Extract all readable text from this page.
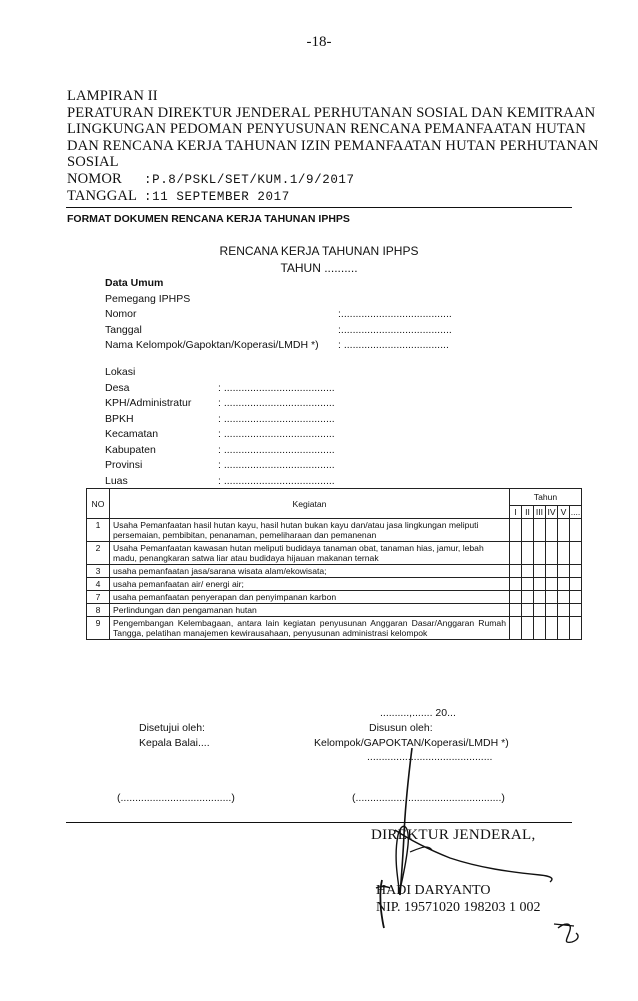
-18-
LAMPIRAN II
PERATURAN DIREKTUR JENDERAL PERHUTANAN SOSIAL DAN KEMITRAAN
LINGKUNGAN PEDOMAN PENYUSUNAN RENCANA PEMANFAATAN HUTAN
DAN RENCANA KERJA TAHUNAN IZIN PEMANFAATAN HUTAN PERHUTANAN
SOSIAL
NOMOR :P.8/PSKL/SET/KUM.1/9/2017
TANGGAL :11 SEPTEMBER 2017
FORMAT DOKUMEN RENCANA KERJA TAHUNAN IPHPS
RENCANA KERJA TAHUNAN IPHPS
TAHUN ..........
Data Umum
Pemegang IPHPS
Nomor	:......................................
Tanggal	:......................................
Nama Kelompok/Gapoktan/Koperasi/LMDH *) : ....................................
Lokasi
Desa	: ......................................
KPH/Administratur	: ......................................
BPKH	: ......................................
Kecamatan	: ......................................
Kabupaten	: ......................................
Provinsi	: ......................................
Luas	: ......................................
NO	Kegiatan	Tahun					
		I	II	III	IV	V	....
1	Usaha Pemanfaatan hasil hutan kayu, hasil hutan bukan kayu dan/atau jasa lingkungan meliputi persemaian, pembibitan, penanaman, pemeliharaan dan pemanenan						
2	Usaha Pemanfaatan kawasan hutan meliputi budidaya tanaman obat, tanaman hias, jamur, lebah madu, penangkaran satwa liar atau budidaya hijauan makanan ternak						
3	usaha pemanfaatan jasa/sarana wisata alam/ekowisata;						
4	usaha pemanfaatan air/ energi air;						
7	usaha pemanfaatan penyerapan dan penyimpanan karbon						
8	Perlindungan dan pengamanan hutan						
9	Pengembangan Kelembagaan, antara lain kegiatan penyusunan Anggaran Dasar/Anggaran Rumah Tangga, pelatihan manajemen kewirausahaan, penyusunan administrasi kelompok						
..........,....... 20...
Disetujui oleh:
Kepala Balai....
Disusun oleh:
Kelompok/GAPOKTAN/Koperasi/LMDH *)
...........................................
(......................................)	(..................................................)
DIREKTUR JENDERAL,
HADI DARYANTO
NIP. 19571020 198203 1 002
